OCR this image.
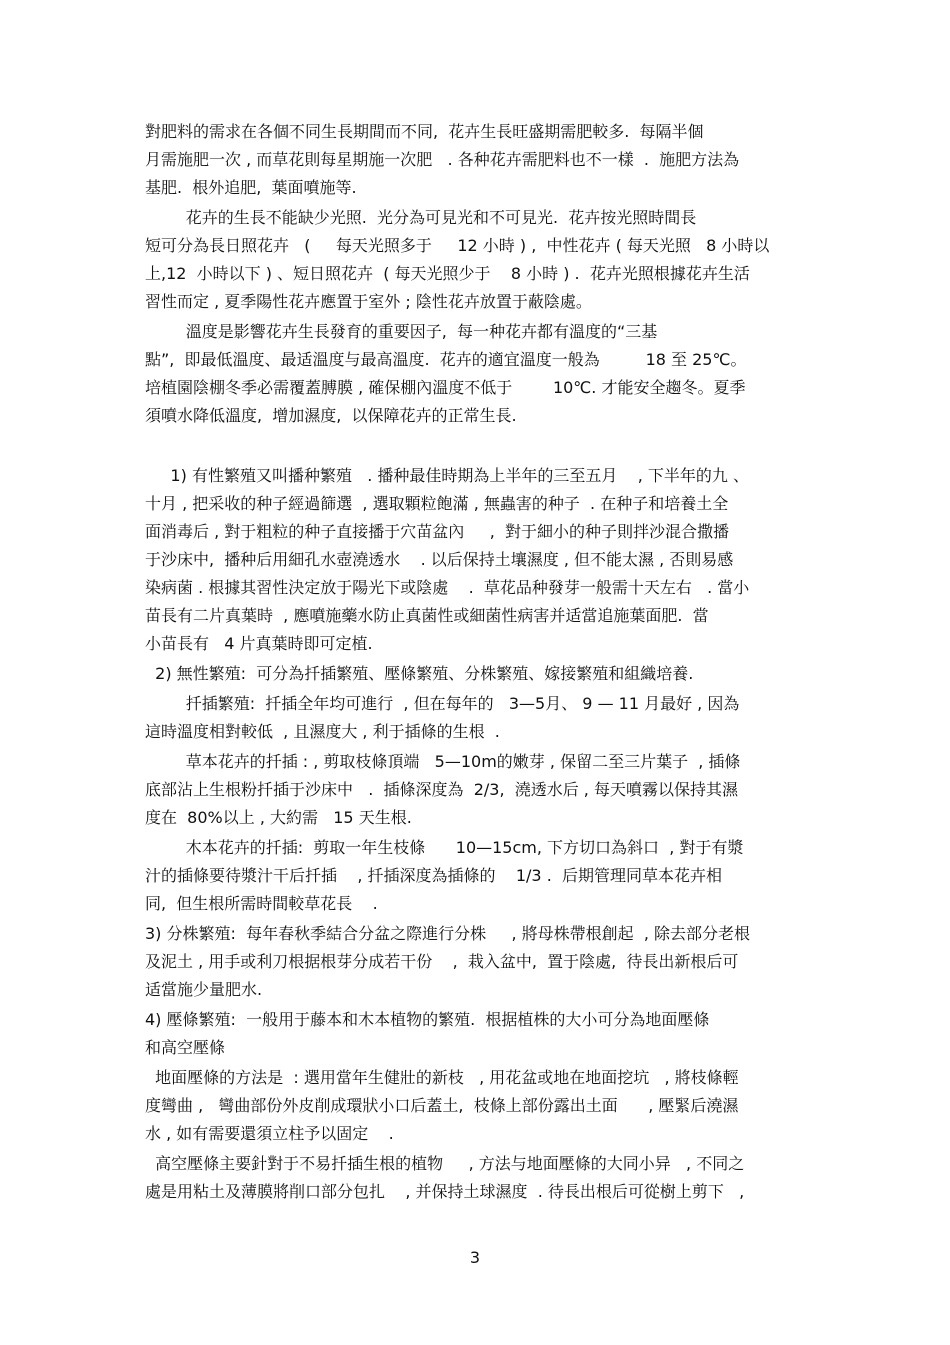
對肥料的需求在各個不同生長期間而不同,  花卉生長旺盛期需肥較多.  每隔半個

月需施肥一次 , 而草花則每星期施一次肥   . 各种花卉需肥料也不一樣  .  施肥方法為

基肥.  根外追肥,  葉面噴施等.

花卉的生長不能缺少光照.  光分為可見光和不可見光.  花卉按光照時間長

短可分為長日照花卉   (     每天光照多于     12 小時 ) ,  中性花卉 ( 每天光照   8 小時以

上,12  小時以下 ) 、短日照花卉  ( 每天光照少于    8 小時 ) .  花卉光照根據花卉生活

習性而定 , 夏季陽性花卉應置于室外 ; 陰性花卉放置于蔽陰處。

溫度是影響花卉生長發育的重要因子,  每一种花卉都有溫度的“三基

點”,  即最低溫度、最适溫度与最高溫度.  花卉的適宜溫度一般為         18 至 25℃。

培植園陰棚冬季必需覆蓋膊膜 , 確保棚內溫度不低于        10℃. 才能安全趨冬。夏季

須噴水降低溫度,  增加濕度,  以保障花卉的正常生長.

1) 有性繁殖又叫播种繁殖   . 播种最佳時期為上半年的三至五月    , 下半年的九 、

十月 , 把采收的种子經過篩選  , 選取顆粒飽滿 , 無蟲害的种子  . 在种子和培養土全

面消毒后 , 對于粗粒的种子直接播于穴苗盆內     ,  對于細小的种子則拌沙混合撒播

于沙床中,  播种后用細孔水壺澆透水    . 以后保持土壤濕度 , 但不能太濕 , 否則易感

染病菌 . 根據其習性決定放于陽光下或陰處    .  草花品种發芽一般需十天左右   . 當小

苗長有二片真葉時  , 應噴施藥水防止真菌性或細菌性病害并适當追施葉面肥.  當

小苗長有   4 片真葉時即可定植.

2) 無性繁殖:  可分為扦插繁殖、壓條繁殖、分株繁殖、嫁接繁殖和組織培養.

扦插繁殖:  扦插全年均可進行  , 但在每年的   3—5月、 9 — 11 月最好 , 因為

這時溫度相對較低  , 且濕度大 , 利于插條的生根  .

草本花卉的扦插 : , 剪取枝條頂端   5—10m的嫩芽 , 保留二至三片葉子  , 插條

底部沾上生根粉扦插于沙床中   .  插條深度為  2/3,  澆透水后 , 每天噴霧以保持其濕

度在  80%以上 , 大約需   15 天生根.

木本花卉的扦插:  剪取一年生枝條      10—15cm, 下方切口為斜口  , 對于有漿

汁的插條要待漿汁干后扦插    , 扦插深度為插條的    1/3 .  后期管理同草本花卉相

同,  但生根所需時間較草花長    .

3) 分株繁殖:  每年春秋季結合分盆之際進行分株     , 將母株帶根創起  , 除去部分老根

及泥土 , 用手或利刀根据根芽分成若干份    ,  栽入盆中,  置于陰處,  待長出新根后可

适當施少量肥水.

4) 壓條繁殖:  一般用于藤本和木本植物的繁殖.  根据植株的大小可分為地面壓條

和高空壓條

地面壓條的方法是  : 選用當年生健壯的新枝   , 用花盆或地在地面挖坑   , 將枝條輕

度彎曲 ,   彎曲部份外皮削成環狀小口后蓋土,  枝條上部份露出土面      , 壓緊后澆濕

水 , 如有需要還須立柱予以固定    .

高空壓條主要針對于不易扦插生根的植物     , 方法与地面壓條的大同小异   , 不同之

處是用粘土及薄膜將削口部分包扎    , 并保持土球濕度  . 待長出根后可從樹上剪下   ,

3
